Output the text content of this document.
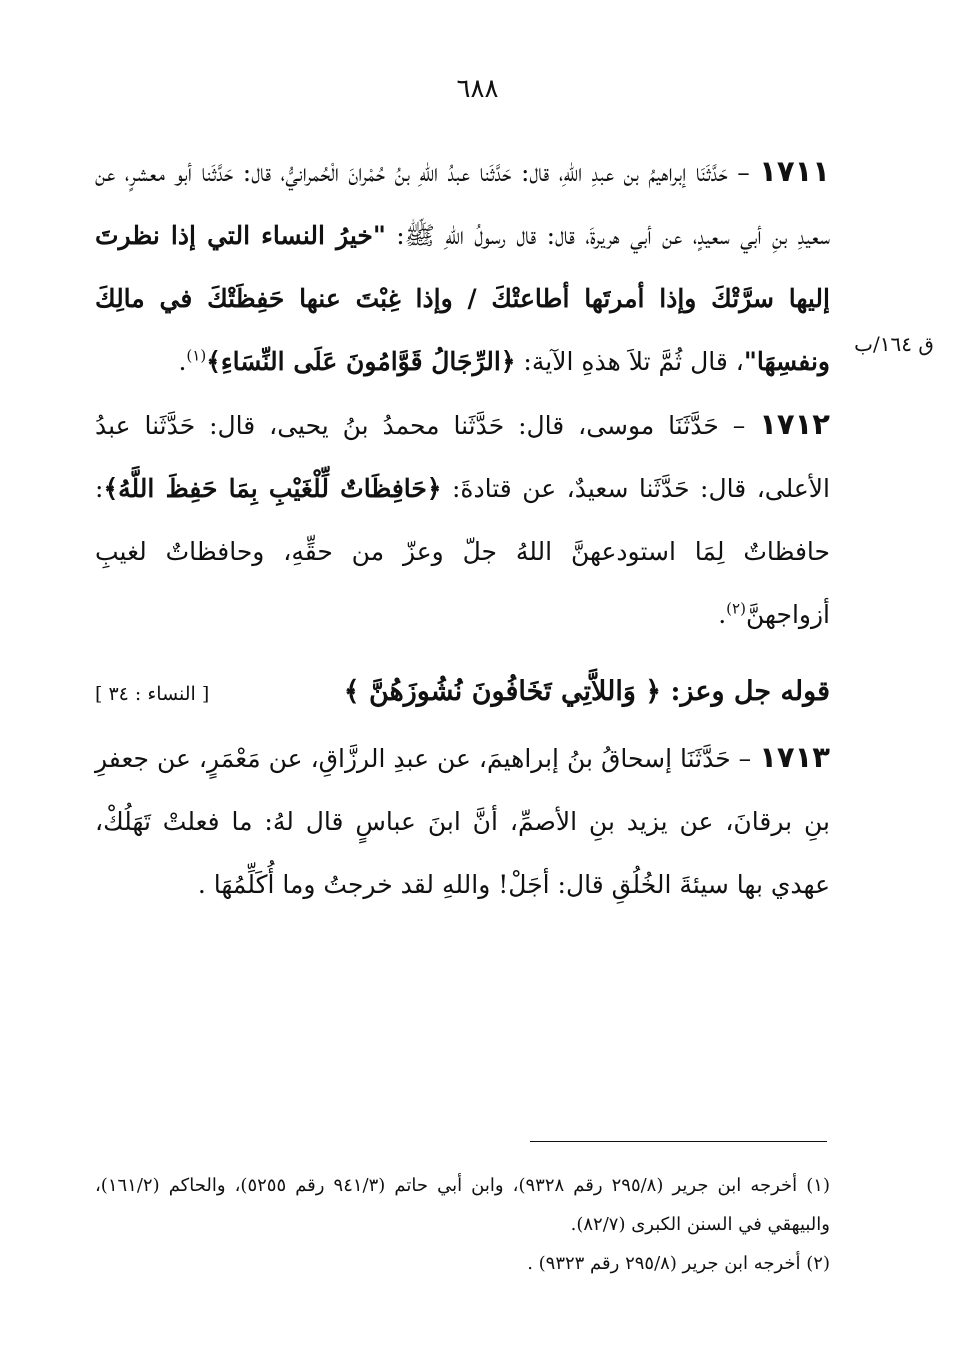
٦٨٨
ق ١٦٤/ب

١٧١١ – حَدَّثَنَا إبراهيمُ بن عبدِ اللهِ، قال: حَدَّثَنا عبدُ اللهِ بنُ حُمْرانَ الْحُمرانيُّ، قال: حَدَّثَنا أبو معشرٍ، عن سعيدِ بنِ أبي سعيدٍ، عن أبي هريرةَ، قال: قال رسولُ اللهِ ﷺ: "خيرُ النساء التي إذا نظرتَ إليها سرَّتْكَ وإذا أمرتَها أطاعتْكَ / وإذا غِبْتَ عنها حَفِظَتْكَ في مالِكَ ونفسِهَا"، قال ثُمَّ تلاَ هذهِ الآية: ﴿الرِّجَالُ قَوَّامُونَ عَلَى النِّسَاءِ﴾$^{(١)}$.

١٧١٢ – حَدَّثَنَا موسى، قال: حَدَّثَنا محمدُ بنُ يحيى، قال: حَدَّثَنا عبدُ الأعلى، قال: حَدَّثَنا سعيدٌ، عن قتادةَ: ﴿حَافِظَاتٌ لِّلْغَيْبِ بِمَا حَفِظَ اللَّهُ﴾: حافظاتٌ لِمَا استودعهنَّ اللهُ جلّ وعزّ من حقِّهِ، وحافظاتٌ لغيبِ أزواجهنَّ$^{(٢)}$.

قوله جل وعز: ﴿ وَاللاَّتِي تَخَافُونَ نُشُوزَهُنَّ ﴾
[ النساء : ٣٤ ]

١٧١٣ – حَدَّثَنَا إسحاقُ بنُ إبراهيمَ، عن عبدِ الرزَّاقِ، عن مَعْمَرٍ، عن جعفرِ بنِ برقانَ، عن يزيد بنِ الأصمِّ، أنَّ ابنَ عباسٍ قال لهُ: ما فعلتْ تَهَلُكْ، عهدي بها سيئةَ الخُلُقِ قال: أجَلْ! واللهِ لقد خرجتُ وما أُكَلِّمُهَا .

(١) أخرجه ابن جرير (٢٩٥/٨ رقم ٩٣٢٨)، وابن أبي حاتم (٩٤١/٣ رقم ٥٢٥٥)، والحاكم (١٦١/٢)، والبيهقي في السنن الكبرى (٨٢/٧).

(٢) أخرجه ابن جرير (٢٩٥/٨ رقم ٩٣٢٣) .
